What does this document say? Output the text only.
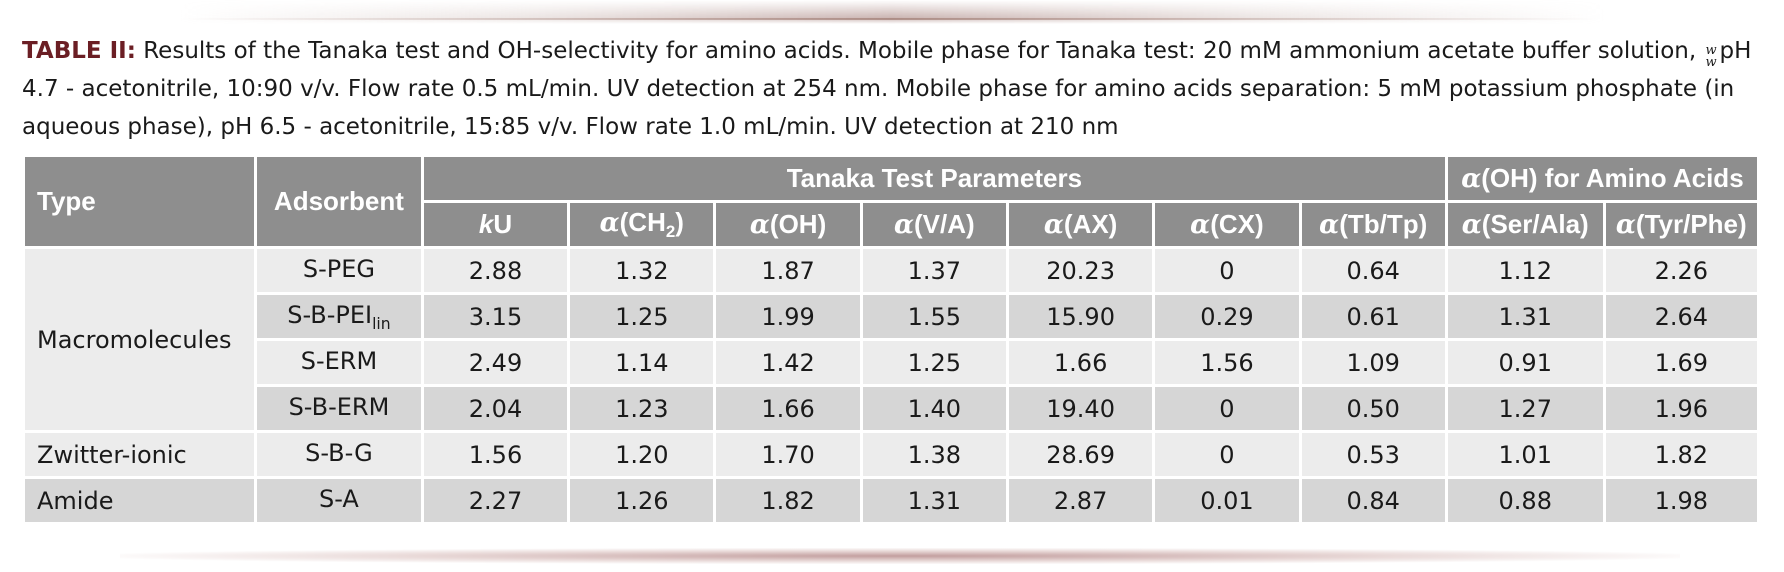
TABLE II: Results of the Tanaka test and OH-selectivity for amino acids. Mobile phase for Tanaka test: 20 mM ammonium acetate buffer solution, w
w pH 4.7 - acetonitrile, 10:90 v/v. Flow rate 0.5 mL/min. UV detection at 254 nm. Mobile phase for amino acids separation: 5 mM potassium phosphate (in aqueous phase), pH 6.5 - acetonitrile, 15:85 v/v. Flow rate 1.0 mL/min. UV detection at 210 nm
Type	Adsorbent	Tanaka Test Parameters							α(OH) for Amino Acids	
		kU	$\alpha(CH_2)$	α(OH)	α(V/A)	α(AX)	α(CX)	α(Tb/Tp)	α(Ser/Ala)	α(Tyr/Phe)
Macromolecules	S-PEG	2.88	1.32	1.87	1.37	20.23	0	0.64	1.12	2.26
	$S-B-PEI_{lin}$	3.15	1.25	1.99	1.55	15.90	0.29	0.61	1.31	2.64
	S-ERM	2.49	1.14	1.42	1.25	1.66	1.56	1.09	0.91	1.69
	S-B-ERM	2.04	1.23	1.66	1.40	19.40	0	0.50	1.27	1.96
Zwitter-ionic	S-B-G	1.56	1.20	1.70	1.38	28.69	0	0.53	1.01	1.82
Amide	S-A	2.27	1.26	1.82	1.31	2.87	0.01	0.84	0.88	1.98
